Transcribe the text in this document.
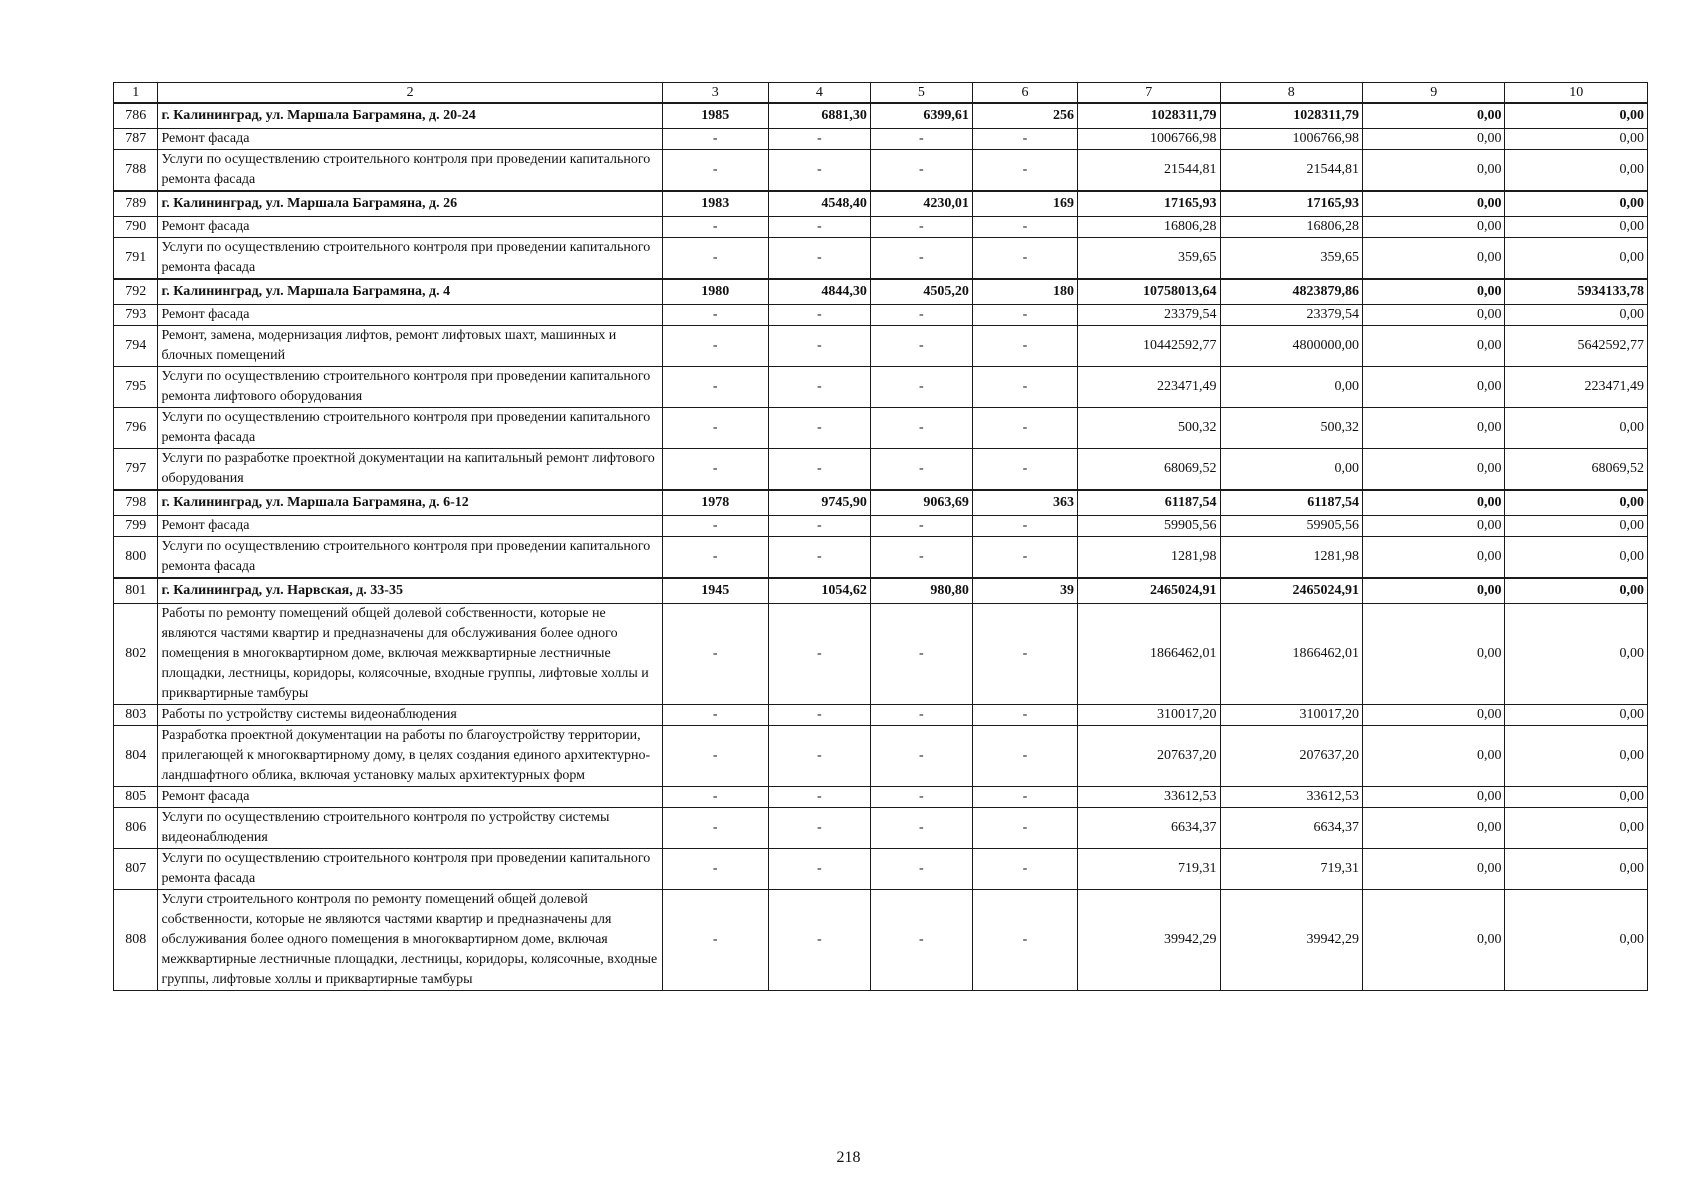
1	2	3	4	5	6	7	8	9	10
786	г. Калининград, ул. Маршала Баграмяна, д. 20-24	1985	6881,30	6399,61	256	1028311,79	1028311,79	0,00	0,00
787	Ремонт фасада	-	-	-	-	1006766,98	1006766,98	0,00	0,00
788	Услуги по осуществлению строительного контроля при проведении капитального ремонта фасада	-	-	-	-	21544,81	21544,81	0,00	0,00
789	г. Калининград, ул. Маршала Баграмяна, д. 26	1983	4548,40	4230,01	169	17165,93	17165,93	0,00	0,00
790	Ремонт фасада	-	-	-	-	16806,28	16806,28	0,00	0,00
791	Услуги по осуществлению строительного контроля при проведении капитального ремонта фасада	-	-	-	-	359,65	359,65	0,00	0,00
792	г. Калининград, ул. Маршала Баграмяна, д. 4	1980	4844,30	4505,20	180	10758013,64	4823879,86	0,00	5934133,78
793	Ремонт фасада	-	-	-	-	23379,54	23379,54	0,00	0,00
794	Ремонт, замена, модернизация лифтов, ремонт лифтовых шахт, машинных и блочных помещений	-	-	-	-	10442592,77	4800000,00	0,00	5642592,77
795	Услуги по осуществлению строительного контроля при проведении капитального ремонта лифтового оборудования	-	-	-	-	223471,49	0,00	0,00	223471,49
796	Услуги по осуществлению строительного контроля при проведении капитального ремонта фасада	-	-	-	-	500,32	500,32	0,00	0,00
797	Услуги по разработке проектной документации на капитальный ремонт лифтового оборудования	-	-	-	-	68069,52	0,00	0,00	68069,52
798	г. Калининград, ул. Маршала Баграмяна, д. 6-12	1978	9745,90	9063,69	363	61187,54	61187,54	0,00	0,00
799	Ремонт фасада	-	-	-	-	59905,56	59905,56	0,00	0,00
800	Услуги по осуществлению строительного контроля при проведении капитального ремонта фасада	-	-	-	-	1281,98	1281,98	0,00	0,00
801	г. Калининград, ул. Нарвская, д. 33-35	1945	1054,62	980,80	39	2465024,91	2465024,91	0,00	0,00
802	Работы по ремонту помещений общей долевой собственности, которые не являются частями квартир и предназначены для обслуживания более одного помещения в многоквартирном доме, включая межквартирные лестничные площадки, лестницы, коридоры, колясочные, входные группы, лифтовые холлы и приквартирные тамбуры	-	-	-	-	1866462,01	1866462,01	0,00	0,00
803	Работы по устройству системы видеонаблюдения	-	-	-	-	310017,20	310017,20	0,00	0,00
804	Разработка проектной документации на работы по благоустройству территории, прилегающей к многоквартирному дому, в целях создания единого архитектурно-ландшафтного облика, включая установку малых архитектурных форм	-	-	-	-	207637,20	207637,20	0,00	0,00
805	Ремонт фасада	-	-	-	-	33612,53	33612,53	0,00	0,00
806	Услуги по осуществлению строительного контроля по устройству системы видеонаблюдения	-	-	-	-	6634,37	6634,37	0,00	0,00
807	Услуги по осуществлению строительного контроля при проведении капитального ремонта фасада	-	-	-	-	719,31	719,31	0,00	0,00
808	Услуги строительного контроля по ремонту помещений общей долевой собственности, которые не являются частями квартир и предназначены для обслуживания более одного помещения в многоквартирном доме, включая межквартирные лестничные площадки, лестницы, коридоры, колясочные, входные группы, лифтовые холлы и приквартирные тамбуры	-	-	-	-	39942,29	39942,29	0,00	0,00
218
